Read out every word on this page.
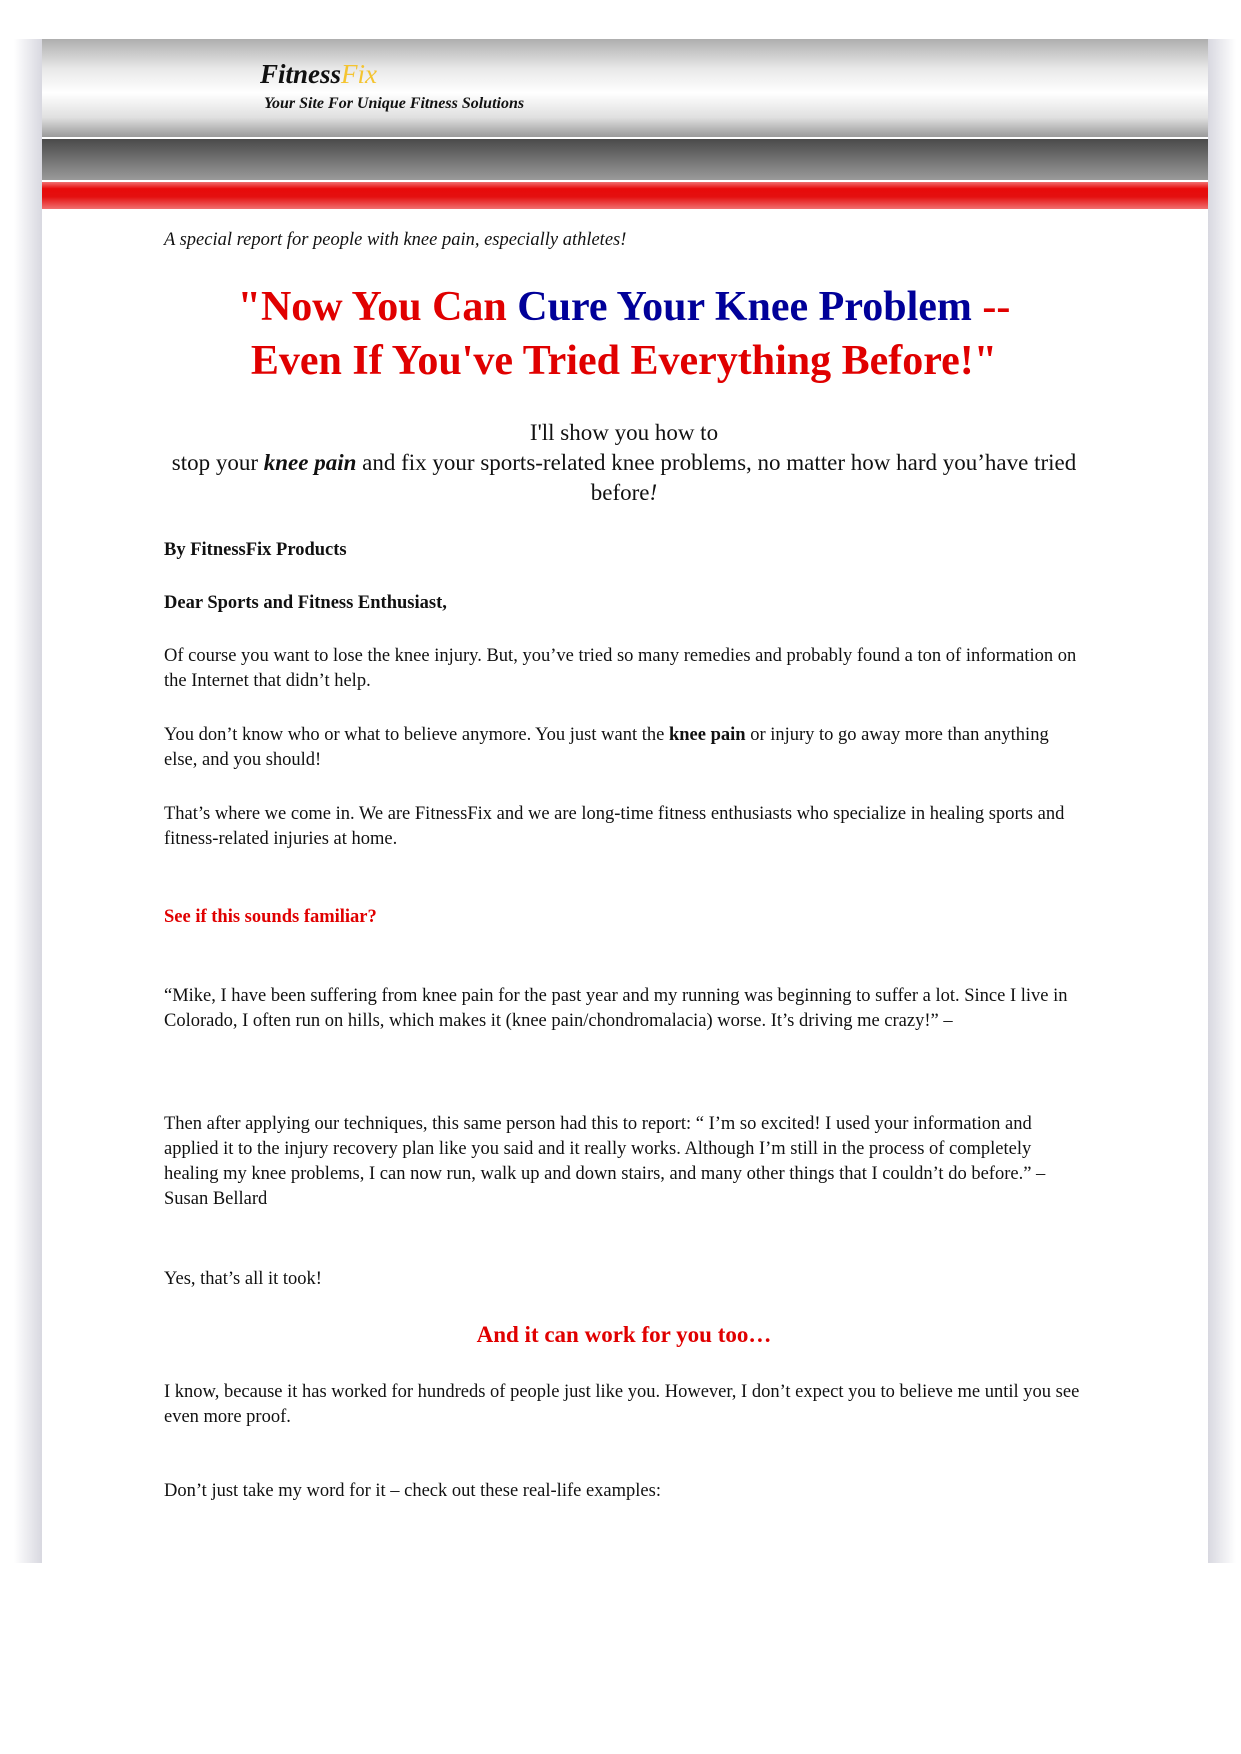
FitnessFix
Your Site For Unique Fitness Solutions
A special report for people with knee pain, especially athletes!
"Now You Can Cure Your Knee Problem --
Even If You've Tried Everything Before!"
I'll show you how to
stop your knee pain and fix your sports-related knee problems, no matter how hard you’have tried before!
By FitnessFix Products
Dear Sports and Fitness Enthusiast,
Of course you want to lose the knee injury. But, you’ve tried so many remedies and probably found a ton of information on the Internet that didn’t help.
You don’t know who or what to believe anymore. You just want the knee pain or injury to go away more than anything else, and you should!
That’s where we come in. We are FitnessFix and we are long-time fitness enthusiasts who specialize in healing sports and fitness-related injuries at home.
See if this sounds familiar?
“Mike, I have been suffering from knee pain for the past year and my running was beginning to suffer a lot. Since I live in Colorado, I often run on hills, which makes it (knee pain/chondromalacia) worse. It’s driving me crazy!” –
Then after applying our techniques, this same person had this to report: “ I’m so excited! I used your information and applied it to the injury recovery plan like you said and it really works. Although I’m still in the process of completely healing my knee problems, I can now run, walk up and down stairs, and many other things that I couldn’t do before.” – Susan Bellard
Yes, that’s all it took!
And it can work for you too…
I know, because it has worked for hundreds of people just like you. However, I don’t expect you to believe me until you see even more proof.
Don’t just take my word for it – check out these real-life examples:
